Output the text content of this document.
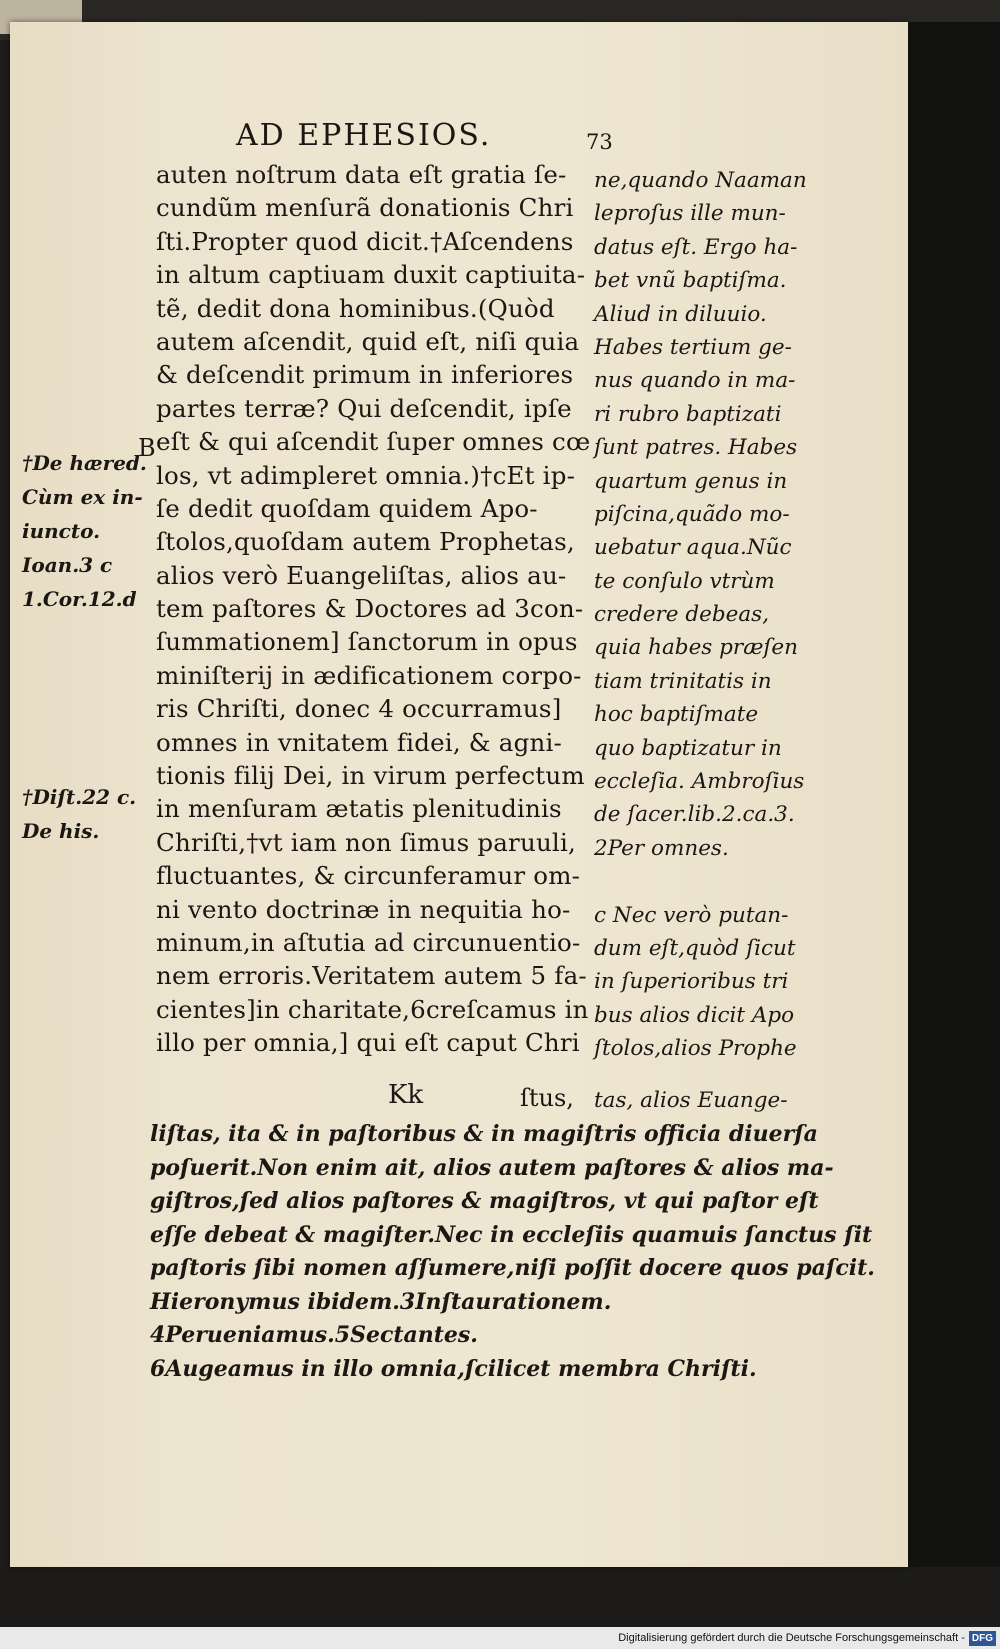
AD EPHESIOS.	73
auten noſtrum data eſt gratia ſe-
cundũm menſurã donationis Chri
ſti.Propter quod dicit.†Aſcendens
in altum captiuam duxit captiuita-
tẽ, dedit dona hominibus.(Quòd
autem aſcendit, quid eſt, niſi quia
& deſcendit primum in inferiores
partes terræ? Qui deſcendit, ipſe
eſt & qui aſcendit ſuper omnes cœ
los, vt adimpleret omnia.)†cEt ip-
ſe dedit quoſdam quidem Apo-
ſtolos,quoſdam autem Prophetas,
alios verò Euangeliſtas, alios au-
tem paſtores & Doctores ad 3con-
ſummationem] ſanctorum in opus
miniſterij in ædificationem corpo-
ris Chriſti, donec 4 occurramus]
omnes in vnitatem fidei, & agni-
tionis filij Dei, in virum perfectum
in menſuram ætatis plenitudinis
Chriſti,†vt iam non ſimus paruuli,
fluctuantes, & circunferamur om-
ni vento doctrinæ in nequitia ho-
minum,in aſtutia ad circunuentio-
nem erroris.Veritatem autem 5 fa-
cientes]in charitate,6creſcamus in
illo per omnia,] qui eſt caput Chri
ne,quando Naaman
leproſus ille mun-
datus eſt. Ergo ha-
bet vnũ baptiſma.
Aliud in diluuio.
Habes tertium ge-
nus quando in ma-
ri rubro baptizati
ſunt patres. Habes
quartum genus in
piſcina,quãdo mo-
uebatur aqua.Nũc
te conſulo vtrùm
credere debeas,
quia habes præſen
tiam trinitatis in
hoc baptiſmate
quo baptizatur in
eccleſia. Ambroſius
de ſacer.lib.2.ca.3.
2Per omnes.
c Nec verò putan-
dum eſt,quòd ſicut
in ſuperioribus tri
bus alios dicit Apo
ſtolos,alios Prophe
†De hæred.
Cùm ex in-
iuncto.
Ioan.3 c
1.Cor.12.d
†Diſt.22 c.
De his.
B
Kk	ſtus, tas, alios Euange-
liſtas, ita & in paſtoribus & in magiſtris officia diuerſa
poſuerit.Non enim ait, alios autem paſtores & alios ma-
giſtros,ſed alios paſtores & magiſtros, vt qui paſtor eſt
eſſe debeat & magiſter.Nec in eccleſiis quamuis ſanctus ſit
paſtoris ſibi nomen aſſumere,niſi poſſit docere quos paſcit.
Hieronymus ibidem.3Inſtaurationem.
4Perueniamus.5Sectantes.
6Augeamus in illo omnia,ſcilicet membra Chriſti.
Digitalisierung gefördert durch die Deutsche Forschungsgemeinschaft - DFG
